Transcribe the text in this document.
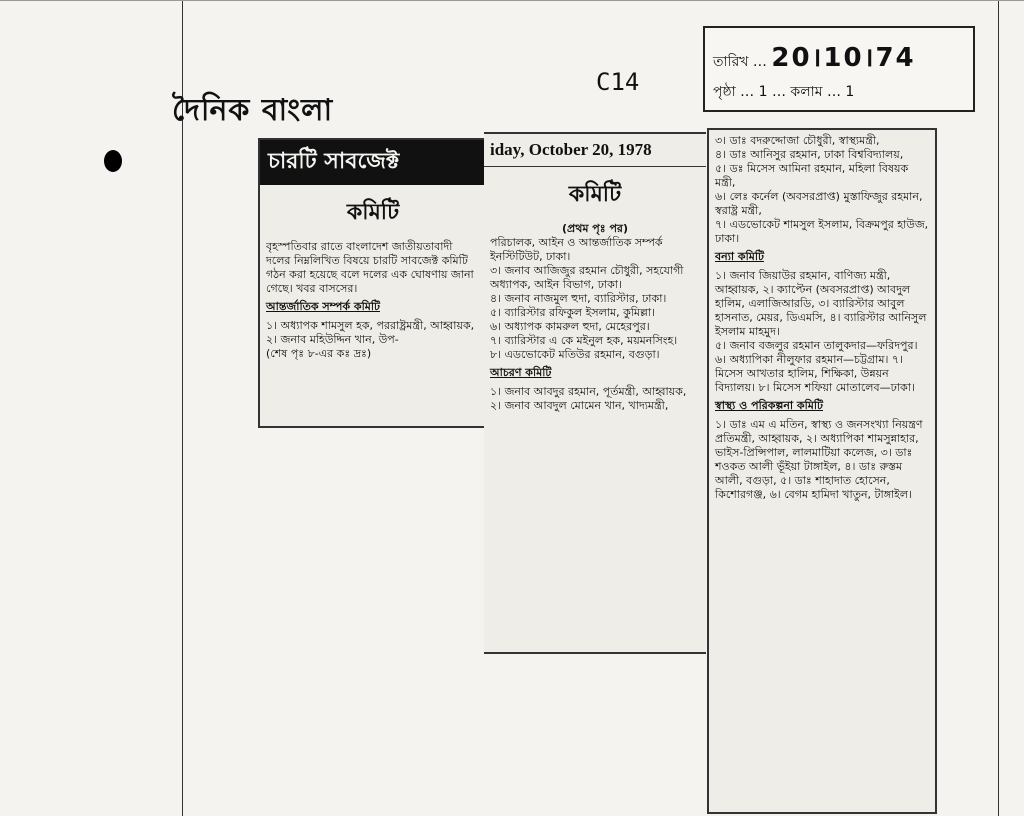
দৈনিক বাংলা
C14
তারিখ … 20।10।74
পৃষ্ঠা … 1 … কলাম … 1
চারটি সাবজেক্ট
কমিটি
বৃহস্পতিবার রাতে বাংলাদেশ জাতীয়তাবাদী দলের নিম্নলিখিত বিষয়ে চারটি সাবজেক্ট কমিটি গঠন করা হয়েছে বলে দলের এক ঘোষণায় জানা গেছে। খবর বাসসের।
আন্তর্জাতিক সম্পর্ক কমিটি
১। অধ্যাপক শামসুল হক, পররাষ্ট্রমন্ত্রী, আহ্বায়ক,
২। জনাব মহিউদ্দিন খান, উপ-
(শেষ পৃঃ ৮-এর কঃ দ্রঃ)
iday, October 20, 1978
কমিটি
(প্রথম পৃঃ পর)
পরিচালক, আইন ও আন্তর্জাতিক সম্পর্ক ইনস্টিটিউট, ঢাকা।
৩। জনাব আজিজুর রহমান চৌধুরী, সহযোগী অধ্যাপক, আইন বিভাগ, ঢাকা।
৪। জনাব নাজমুল হুদা, ব্যারিস্টার, ঢাকা।
৫। ব্যারিস্টার রফিকুল ইসলাম, কুমিল্লা।
৬। অধ্যাপক কামরুল হুদা, মেহেরপুর।
৭। ব্যারিস্টার এ কে মইনুল হক, ময়মনসিংহ।
৮। এডভোকেট মতিউর রহমান, বগুড়া।
আচরণ কমিটি
১। জনাব আবদুর রহমান, পূর্তমন্ত্রী, আহ্বায়ক,
২। জনাব আবদুল মোমেন খান, খাদ্যমন্ত্রী,
৩। ডাঃ বদরুদ্দোজা চৌধুরী, স্বাস্থ্যমন্ত্রী,
৪। ডাঃ আনিসুর রহমান, ঢাকা বিশ্ববিদ্যালয়,
৫। ডঃ মিসেস আমিনা রহমান, মহিলা বিষয়ক মন্ত্রী,
৬। লেঃ কর্নেল (অবসরপ্রাপ্ত) মুস্তাফিজুর রহমান, স্বরাষ্ট্র মন্ত্রী,
৭। এডভোকেট শামসুল ইসলাম, বিক্রমপুর হাউজ, ঢাকা।
বন্যা কমিটি
১। জনাব জিয়াউর রহমান, বাণিজ্য মন্ত্রী, আহ্বায়ক, ২। ক্যাপ্টেন (অবসরপ্রাপ্ত) আবদুল হালিম, এলাজিআরডি, ৩। ব্যারিস্টার আবুল হাসনাত, মেয়র, ডিএমসি, ৪। ব্যারিস্টার আনিসুল ইসলাম মাহমুদ।
৫। জনাব বজলুর রহমান তালুকদার—ফরিদপুর। ৬। অধ্যাপিকা নীলুফার রহমান—চট্টগ্রাম। ৭। মিসেস আখতার হালিম, শিক্ষিকা, উন্নয়ন বিদ্যালয়। ৮। মিসেস শফিয়া মোতালেব—ঢাকা।
স্বাস্থ্য ও পরিকল্পনা কমিটি
১। ডাঃ এম এ মতিন, স্বাস্থ্য ও জনসংখ্যা নিয়ন্ত্রণ প্রতিমন্ত্রী, আহ্বায়ক, ২। অধ্যাপিকা শামসুন্নাহার, ভাইস-প্রিন্সিপাল, লালমাটিয়া কলেজ, ৩। ডাঃ শওকত আলী ভূঁইয়া টাঙ্গাইল, ৪। ডাঃ রুস্তম আলী, বগুড়া, ৫। ডাঃ শাহাদাত হোসেন, কিশোরগঞ্জ, ৬। বেগম হামিদা খাতুন, টাঙ্গাইল।
